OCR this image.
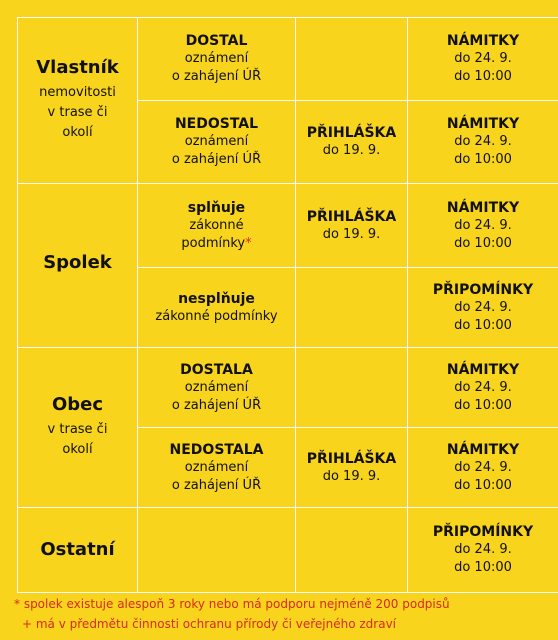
Vlastník
nemovitosti
v trase či
okolí	DOSTAL
oznámení
o zahájení ÚŘ		NÁMITKY
do 24. 9.
do 10:00

	NEDOSTAL
oznámení
o zahájení ÚŘ	PŘIHLÁŠKA
do 19. 9.	NÁMITKY
do 24. 9.
do 10:00

Spolek	splňuje
zákonné
podmínky*	PŘIHLÁŠKA
do 19. 9.	NÁMITKY
do 24. 9.
do 10:00

	nesplňuje
zákonné podmínky		PŘIPOMÍNKY
do 24. 9.
do 10:00

Obec
v trase či
okolí	DOSTALA
oznámení
o zahájení ÚŘ		NÁMITKY
do 24. 9.
do 10:00

	NEDOSTALA
oznámení
o zahájení ÚŘ	PŘIHLÁŠKA
do 19. 9.	NÁMITKY
do 24. 9.
do 10:00

Ostatní			PŘIPOMÍNKY
do 24. 9.
do 10:00
* spolek existuje alespoň 3 roky nebo má podporu nejméně 200 podpisů
+ má v předmětu činnosti ochranu přírody či veřejného zdraví
